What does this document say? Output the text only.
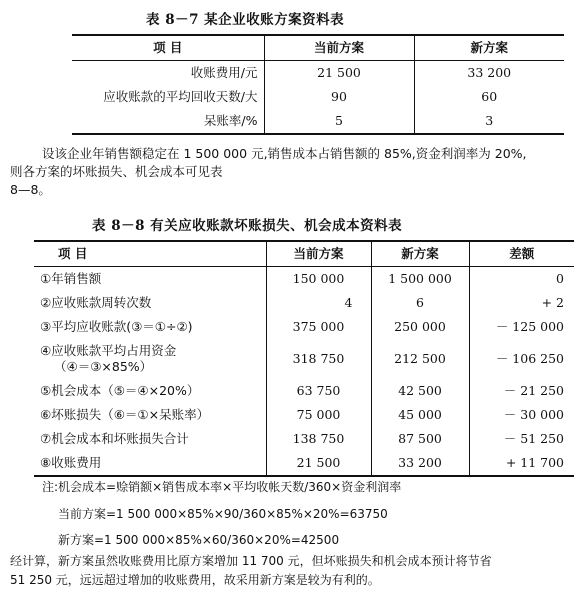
表 8－7 某企业收账方案资料表
项 目	当前方案	新方案
收账费用/元	21 500	33 200
应收账款的平均回收天数/大	90	60
呆账率/%	5	3
设该企业年销售额稳定在 1 500 000 元,销售成本占销售额的 85%,资金利润率为 20%,
则各方案的坏账损失、机会成本可见表
8—8。
表 8－8 有关应收账款坏账损失、机会成本资料表
项 目	当前方案	新方案	差额
①年销售额	150 000	1 500 000	0
②应收账款周转次数	4	6	+ 2
③平均应收账款(③＝①÷②)	375 000	250 000	－ 125 000

④应收账款平均占用资金
（④＝③×85%）	318 750	212 500	－ 106 250
⑤机会成本（⑤＝④×20%）	63 750	42 500	－ 21 250
⑥坏账损失（⑥＝①×呆账率）	75 000	45 000	－ 30 000
⑦机会成本和坏账损失合计	138 750	87 500	－ 51 250
⑧收账费用	21 500	33 200	+ 11 700
注:机会成本=赊销额×销售成本率×平均收帐天数/360×资金利润率
当前方案=1 500 000×85%×90/360×85%×20%=63750
新方案=1 500 000×85%×60/360×20%=42500
经计算，新方案虽然收账费用比原方案增加 11 700 元，但坏账损失和机会成本预计将节省
51 250 元，远远超过增加的收账费用，故采用新方案是较为有利的。
